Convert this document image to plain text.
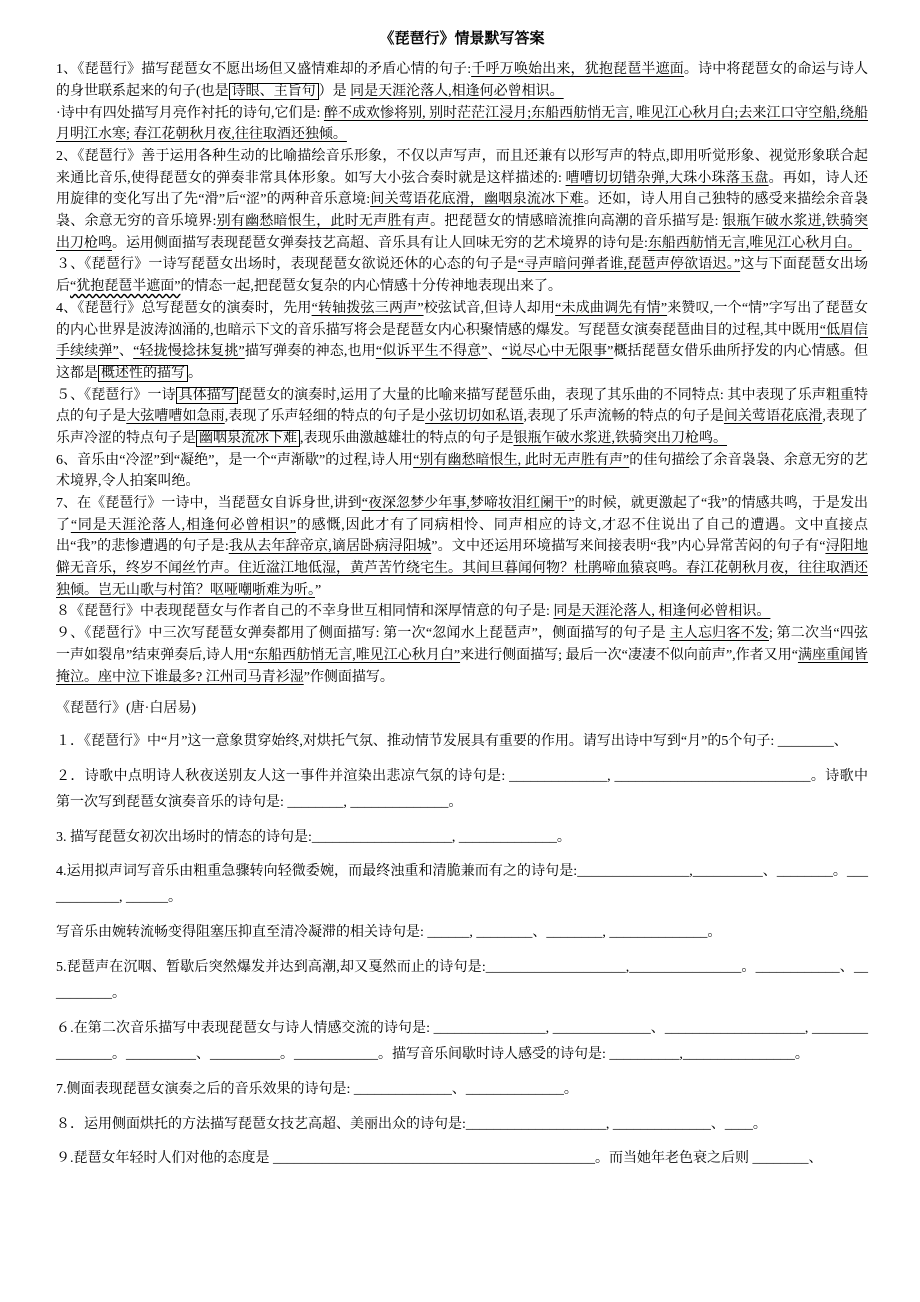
《琵琶行》情景默写答案

1、《琵琶行》描写琵琶女不愿出场但又盛情难却的矛盾心情的句子:千呼万唤始出来，犹抱琵琶半遮面。诗中将琵琶女的命运与诗人的身世联系起来的句子(也是 诗眼、主旨句 ）是 同是天涯沦落人,相逢何必曾相识。

·诗中有四处描写月亮作衬托的诗句,它们是: 醉不成欢惨将别, 别时茫茫江浸月;东船西舫悄无言, 唯见江心秋月白;去来江口守空船,绕船月明江水寒; 春江花朝秋月夜,往往取酒还独倾。

2、《琵琶行》善于运用各种生动的比喻描绘音乐形象，不仅以声写声，而且还兼有以形写声的特点,即用听觉形象、视觉形象联合起来通比音乐,使得琵琶女的弹奏非常具体形象。如写大小弦合奏时就是这样描述的: 嘈嘈切切错杂弹,大珠小珠落玉盘。再如，诗人还用旋律的变化写出了先“滑”后“涩”的两种音乐意境:间关莺语花底滑，幽咽泉流冰下难。还如，诗人用自己独特的感受来描绘余音袅袅、余意无穷的音乐境界:别有幽愁暗恨生，此时无声胜有声。把琵琶女的情感暗流推向高潮的音乐描写是: 银瓶乍破水浆迸,铁骑突出刀枪鸣。运用侧面描写表现琵琶女弹奏技艺高超、音乐具有让人回味无穷的艺术境界的诗句是:东船西舫悄无言,唯见江心秋月白。

３、《琵琶行》一诗写琵琶女出场时，表现琵琶女欲说还休的心态的句子是“寻声暗问弹者谁,琵琶声停欲语迟。”这与下面琵琶女出场后“犹抱琵琶半遮面”的情态一起,把琵琶女复杂的内心情感十分传神地表现出来了。

4、《琵琶行》总写琵琶女的演奏时，先用“转轴拨弦三两声”校弦试音,但诗人却用“未成曲调先有情”来赞叹,一个“情”字写出了琵琶女的内心世界是波涛汹涌的,也暗示下文的音乐描写将会是琵琶女内心积聚情感的爆发。写琵琶女演奏琵琶曲目的过程,其中既用“低眉信手续续弹”、“轻拢慢捻抹复挑”描写弹奏的神态,也用“似诉平生不得意”、“说尽心中无限事”概括琵琶女借乐曲所抒发的内心情感。但这都是 概述性的描写 。

５、《琵琶行》一诗 具体描写 琵琶女的演奏时,运用了大量的比喻来描写琵琶乐曲，表现了其乐曲的不同特点: 其中表现了乐声粗重特点的句子是大弦嘈嘈如急雨,表现了乐声轻细的特点的句子是小弦切切如私语,表现了乐声流畅的特点的句子是间关莺语花底滑,表现了乐声冷涩的特点句子是 幽咽泉流冰下难 ,表现乐曲激越雄壮的特点的句子是银瓶乍破水浆迸,铁骑突出刀枪鸣。

6、音乐由“冷涩”到“凝绝”，是一个“声渐歇”的过程,诗人用“别有幽愁暗恨生, 此时无声胜有声”的佳句描绘了余音袅袅、余意无穷的艺术境界,令人拍案叫绝。

7、在《琵琶行》一诗中，当琵琶女自诉身世,讲到“夜深忽梦少年事,梦啼妆泪红阑干”的时候，就更激起了“我”的情感共鸣，于是发出了“同是天涯沦落人,相逢何必曾相识”的感慨,因此才有了同病相怜、同声相应的诗文,才忍不住说出了自己的遭遇。文中直接点出“我”的悲惨遭遇的句子是:我从去年辞帝京,谪居卧病浔阳城”。文中还运用环境描写来间接表明“我”内心异常苦闷的句子有“浔阳地僻无音乐，终岁不闻丝竹声。住近湓江地低湿，黄芦苦竹绕宅生。其间旦暮闻何物？杜鹃啼血猿哀鸣。春江花朝秋月夜，往往取酒还独倾。岂无山歌与村笛？呕哑嘲哳难为听。”

８《琵琶行》中表现琵琶女与作者自己的不幸身世互相同情和深厚情意的句子是: 同是天涯沦落人, 相逢何必曾相识。

９、《琵琶行》中三次写琵琶女弹奏都用了侧面描写: 第一次“忽闻水上琵琶声”，侧面描写的句子是 主人忘归客不发; 第二次当“四弦一声如裂帛”结束弹奏后,诗人用“东船西舫悄无言,唯见江心秋月白”来进行侧面描写; 最后一次“凄凄不似向前声”,作者又用“满座重闻皆掩泣。座中泣下谁最多? 江州司马青衫湿”作侧面描写。

《琵琶行》(唐·白居易)

１．《琵琶行》中“月”这一意象贯穿始终,对烘托气氛、推动情节发展具有重要的作用。请写出诗中写到“月”的5个句子: ________、

２．诗歌中点明诗人秋夜送别友人这一事件并渲染出悲凉气氛的诗句是: ______________, ____________________________。诗歌中第一次写到琵琶女演奏音乐的诗句是: ________, ______________。

3. 描写琵琶女初次出场时的情态的诗句是:____________________, ______________。

4.运用拟声词写音乐由粗重急骤转向轻微委婉，而最终浊重和清脆兼而有之的诗句是:________________,__________、________。____________, ______。

写音乐由婉转流畅变得阻塞压抑直至清冷凝滞的相关诗句是: ______, ________、________, ______________。

5.琵琶声在沉咽、暂歇后突然爆发并达到高潮,却又戛然而止的诗句是:____________________,________________。____________、__________。

６.在第二次音乐描写中表现琵琶女与诗人情感交流的诗句是: ________________, ______________、____________________, ________________。__________、__________。____________。描写音乐间歇时诗人感受的诗句是: __________,________________。

7.侧面表现琵琶女演奏之后的音乐效果的诗句是: ______________、______________。

８．运用侧面烘托的方法描写琵琶女技艺高超、美丽出众的诗句是:____________________, ______________、____。

９.琵琶女年轻时人们对他的态度是 ______________________________________________。而当她年老色衰之后则 ________、
